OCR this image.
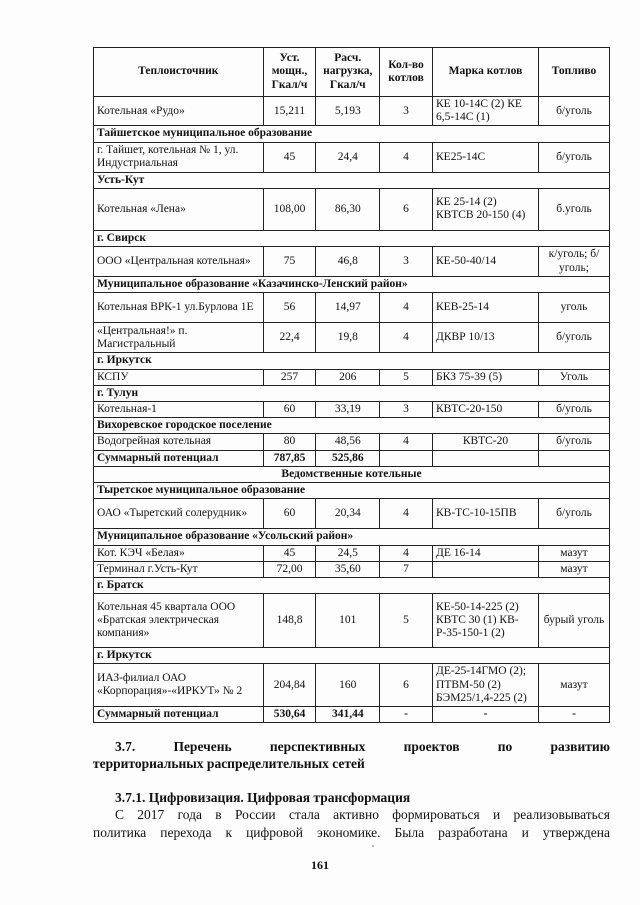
Теплоисточник	Уст. мощн., Гкал/ч	Расч. нагрузка, Гкал/ч	Кол-во котлов	Марка котлов	Топливо
Котельная «Рудо»	15,211	5,193	3	КЕ 10-14С (2) КЕ 6,5-14С (1)	б/уголь
Тайшетское муниципальное образование					
г. Тайшет, котельная № 1, ул. Индустриальная	45	24,4	4	КЕ25-14С	б/уголь
Усть-Кут					
Котельная «Лена»	108,00	86,30	6	КЕ 25-14 (2) КВТСВ 20-150 (4)	б.уголь
г. Свирск					
ООО «Центральная котельная»	75	46,8	3	КЕ-50-40/14	к/уголь; б/уголь;
Муниципальное образование «Казачинско-Ленский район»					
Котельная ВРК-1 ул.Бурлова 1Е	56	14,97	4	КЕВ-25-14	уголь
«Центральная!» п. Магистральный	22,4	19,8	4	ДКВР 10/13	б/уголь
г. Иркутск					
КСПУ	257	206	5	БКЗ 75-39 (5)	Уголь
г. Тулун					
Котельная-1	60	33,19	3	КВТС-20-150	б/уголь
Вихоревское городское поселение					
Водогрейная котельная	80	48,56	4	КВТС-20	б/уголь
Суммарный потенциал	787,85	525,86			
Ведомственные котельные					
Тыретское муниципальное образование					
ОАО «Тыретский солерудник»	60	20,34	4	КВ-ТС-10-15ПВ	б/уголь
Муниципальное образование «Усольский район»					
Кот. КЭЧ «Белая»	45	24,5	4	ДЕ 16-14	мазут
Терминал г.Усть-Кут	72,00	35,60	7		мазут
г. Братск					
Котельная 45 квартала ООО «Братская электрическая компания»	148,8	101	5	КЕ-50-14-225 (2) КВТС 30 (1) КВ-Р-35-150-1 (2)	бурый уголь
г. Иркутск					
ИАЗ-филиал ОАО «Корпорация»-«ИРКУТ» № 2	204,84	160	6	ДЕ-25-14ГМО (2); ПТВМ-50 (2) БЭМ25/1,4-225 (2)	мазут
Суммарный потенциал	530,64	341,44	-	-	-
3.7.	Перечень	перспективных	проектов	по	развитию
территориальных распределительных сетей
3.7.1. Цифровизация. Цифровая трансформация
С 2017 года в России стала активно формироваться и реализовываться
политика перехода к цифровой экономике. Была разработана и утверждена
161
